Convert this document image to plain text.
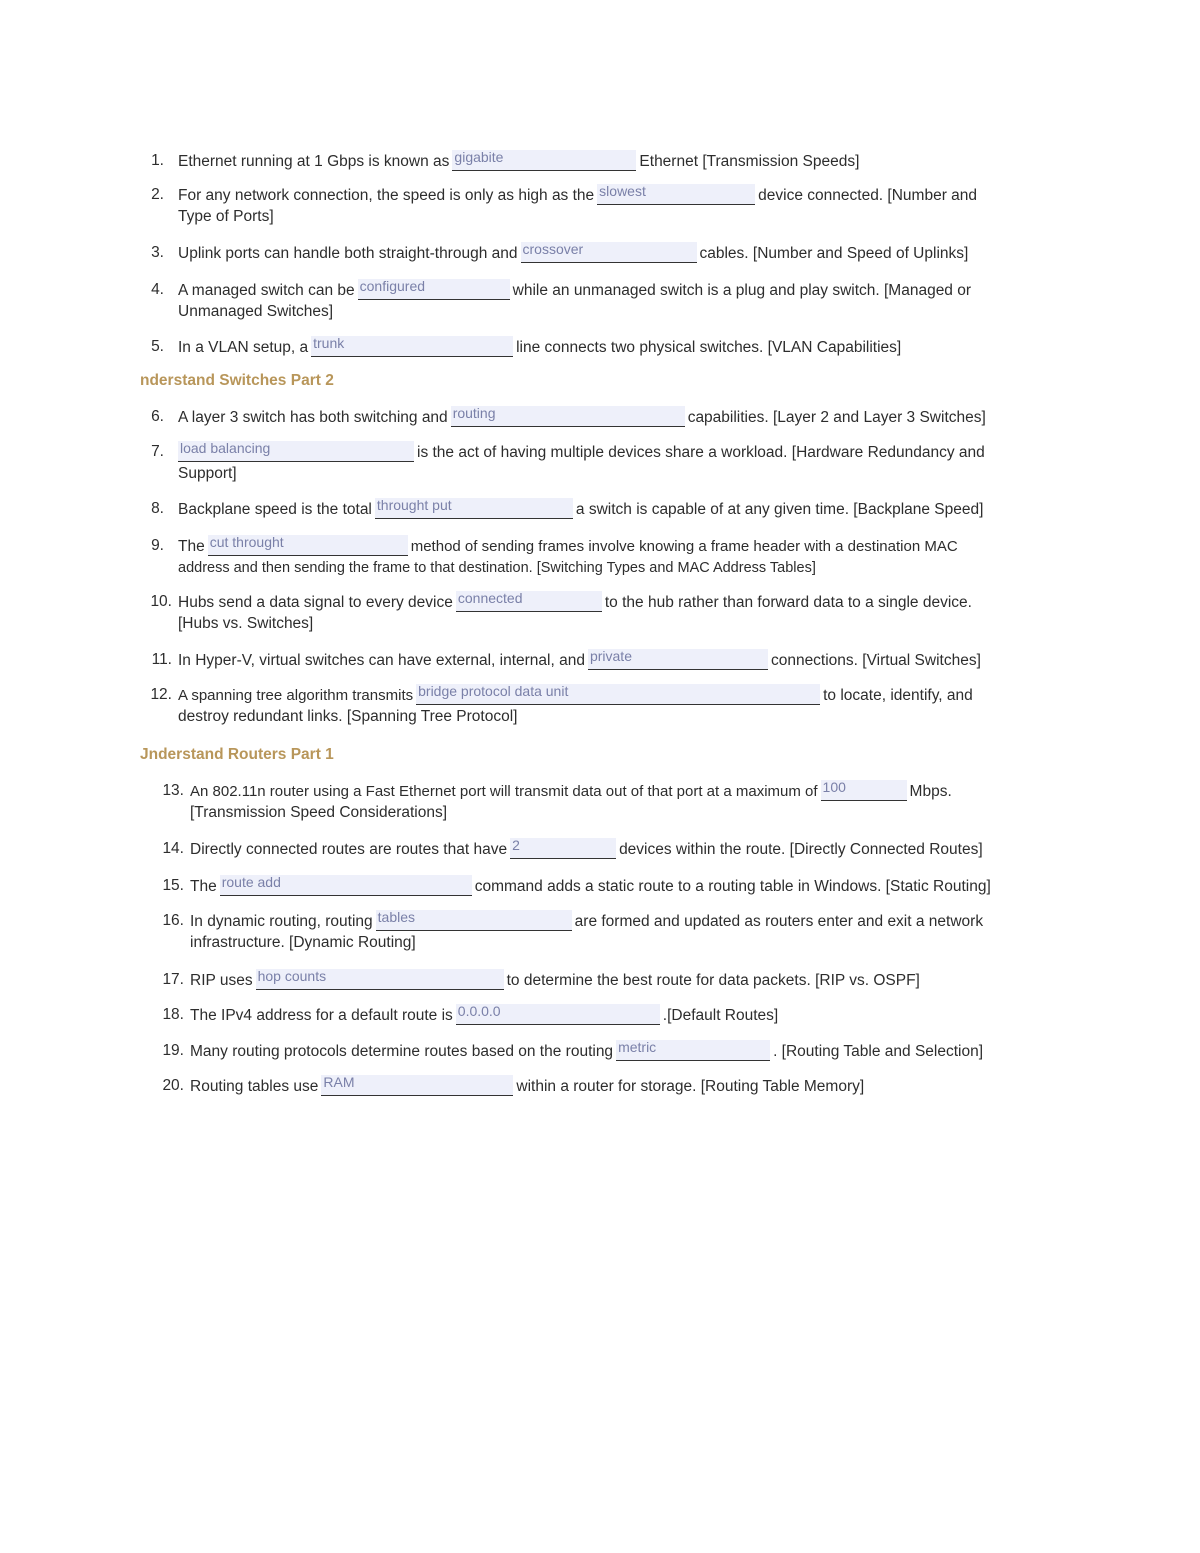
nderstand Switches Part 2
Jnderstand Routers Part 1
1. Ethernet running at 1 Gbps is known as gigabite	Ethernet [Transmission Speeds]
2. For any network connection, the speed is only as high as the slowest	device connected. [Number and
Type of Ports]
3. Uplink ports can handle both straight-through and crossover	cables. [Number and Speed of Uplinks]
4. A managed switch can be configured	while an unmanaged switch is a plug and play switch. [Managed or
Unmanaged Switches]
5. In a VLAN setup, a trunk	line connects two physical switches. [VLAN Capabilities]
6. A layer 3 switch has both switching and routing	capabilities. [Layer 2 and Layer 3 Switches]
7. load balancing	is the act of having multiple devices share a workload. [Hardware Redundancy and
Support]
8. Backplane speed is the total throught put	a switch is capable of at any given time. [Backplane Speed]
9. The cut throught	method of sending frames involve knowing a frame header with a destination MAC
address and then sending the frame to that destination. [Switching Types and MAC Address Tables]
10. Hubs send a data signal to every device connected	to the hub rather than forward data to a single device.
[Hubs vs. Switches]
11. In Hyper-V, virtual switches can have external, internal, and private	connections. [Virtual Switches]
12. A spanning tree algorithm transmits bridge protocol data unit	to locate, identify, and
destroy redundant links. [Spanning Tree Protocol]
13. An 802.11n router using a Fast Ethernet port will transmit data out of that port at a maximum of 100	Mbps.
[Transmission Speed Considerations]
14. Directly connected routes are routes that have 2	devices within the route. [Directly Connected Routes]
15. The route add	command adds a static route to a routing table in Windows. [Static Routing]
16. In dynamic routing, routing tables	are formed and updated as routers enter and exit a network
infrastructure. [Dynamic Routing]
17. RIP uses hop counts	to determine the best route for data packets. [RIP vs. OSPF]
18. The IPv4 address for a default route is 0.0.0.0	.[Default Routes]
19. Many routing protocols determine routes based on the routing metric	. [Routing Table and Selection]
20. Routing tables use RAM	within a router for storage. [Routing Table Memory]
